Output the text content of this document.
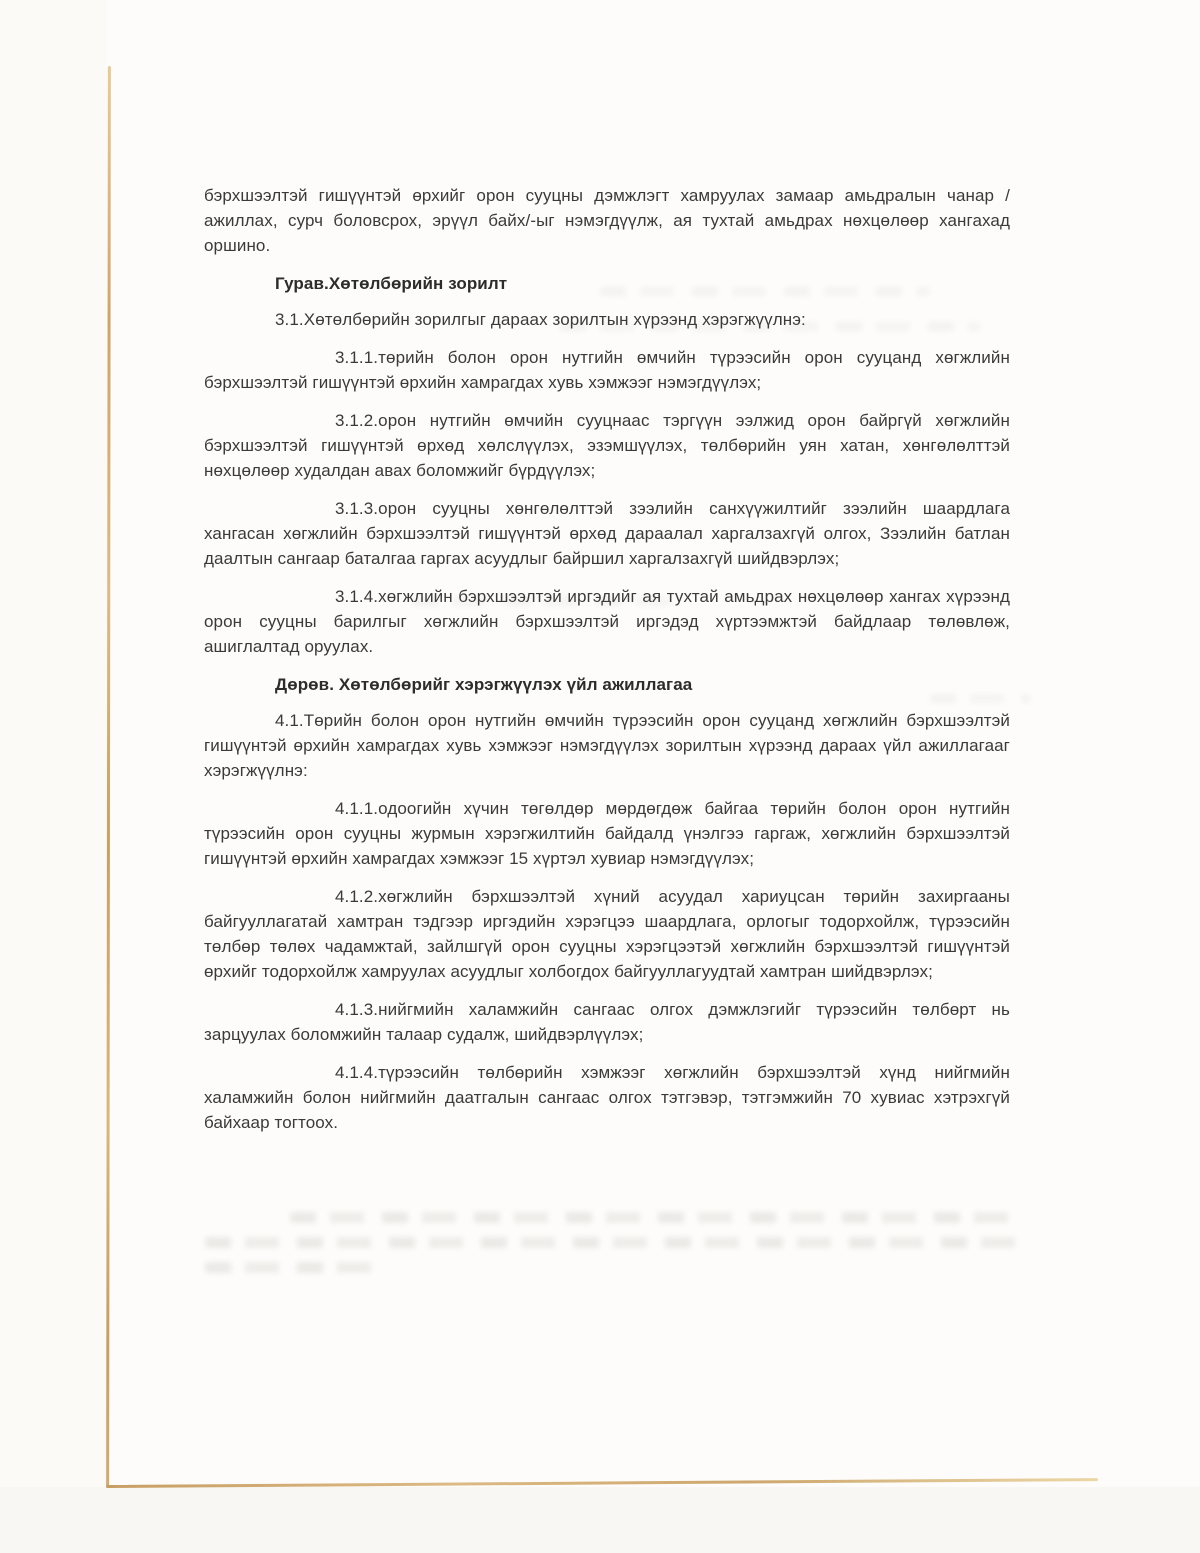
бэрхшээлтэй гишүүнтэй өрхийг орон сууцны дэмжлэгт хамруулах замаар амьдралын чанар /ажиллах, сурч боловсрох, эрүүл байх/-ыг нэмэгдүүлж, ая тухтай амьдрах нөхцөлөөр хангахад оршино.

Гурав.Хөтөлбөрийн зорилт

3.1.Хөтөлбөрийн зорилгыг дараах зорилтын хүрээнд хэрэгжүүлнэ:

3.1.1.төрийн болон орон нутгийн өмчийн түрээсийн орон сууцанд хөгжлийн бэрхшээлтэй гишүүнтэй өрхийн хамрагдах хувь хэмжээг нэмэгдүүлэх;

3.1.2.орон нутгийн өмчийн сууцнаас тэргүүн ээлжид орон байргүй хөгжлийн бэрхшээлтэй гишүүнтэй өрхөд хөлслүүлэх, эзэмшүүлэх, төлбөрийн уян хатан, хөнгөлөлттэй нөхцөлөөр худалдан авах боломжийг бүрдүүлэх;

3.1.3.орон сууцны хөнгөлөлттэй зээлийн санхүүжилтийг зээлийн шаардлага хангасан хөгжлийн бэрхшээлтэй гишүүнтэй өрхөд дараалал харгалзахгүй олгох, Зээлийн батлан даалтын сангаар баталгаа гаргах асуудлыг байршил харгалзахгүй шийдвэрлэх;

3.1.4.хөгжлийн бэрхшээлтэй иргэдийг ая тухтай амьдрах нөхцөлөөр хангах хүрээнд орон сууцны барилгыг хөгжлийн бэрхшээлтэй иргэдэд хүртээмжтэй байдлаар төлөвлөж, ашиглалтад оруулах.

Дөрөв. Хөтөлбөрийг хэрэгжүүлэх үйл ажиллагаа

4.1.Төрийн болон орон нутгийн өмчийн түрээсийн орон сууцанд хөгжлийн бэрхшээлтэй гишүүнтэй өрхийн хамрагдах хувь хэмжээг нэмэгдүүлэх зорилтын хүрээнд дараах үйл ажиллагааг хэрэгжүүлнэ:

4.1.1.одоогийн хүчин төгөлдөр мөрдөгдөж байгаа төрийн болон орон нутгийн түрээсийн орон сууцны журмын хэрэгжилтийн байдалд үнэлгээ гаргаж, хөгжлийн бэрхшээлтэй гишүүнтэй өрхийн хамрагдах хэмжээг 15 хүртэл хувиар нэмэгдүүлэх;

4.1.2.хөгжлийн бэрхшээлтэй хүний асуудал хариуцсан төрийн захиргааны байгууллагатай хамтран тэдгээр иргэдийн хэрэгцээ шаардлага, орлогыг тодорхойлж, түрээсийн төлбөр төлөх чадамжтай, зайлшгүй орон сууцны хэрэгцээтэй хөгжлийн бэрхшээлтэй гишүүнтэй өрхийг тодорхойлж хамруулах асуудлыг холбогдох байгууллагуудтай хамтран шийдвэрлэх;

4.1.3.нийгмийн халамжийн сангаас олгох дэмжлэгийг түрээсийн төлбөрт нь зарцуулах боломжийн талаар судалж, шийдвэрлүүлэх;

4.1.4.түрээсийн төлбөрийн хэмжээг хөгжлийн бэрхшээлтэй хүнд нийгмийн халамжийн болон нийгмийн даатгалын сангаас олгох тэтгэвэр, тэтгэмжийн 70 хувиас хэтрэхгүй байхаар тогтоох.
